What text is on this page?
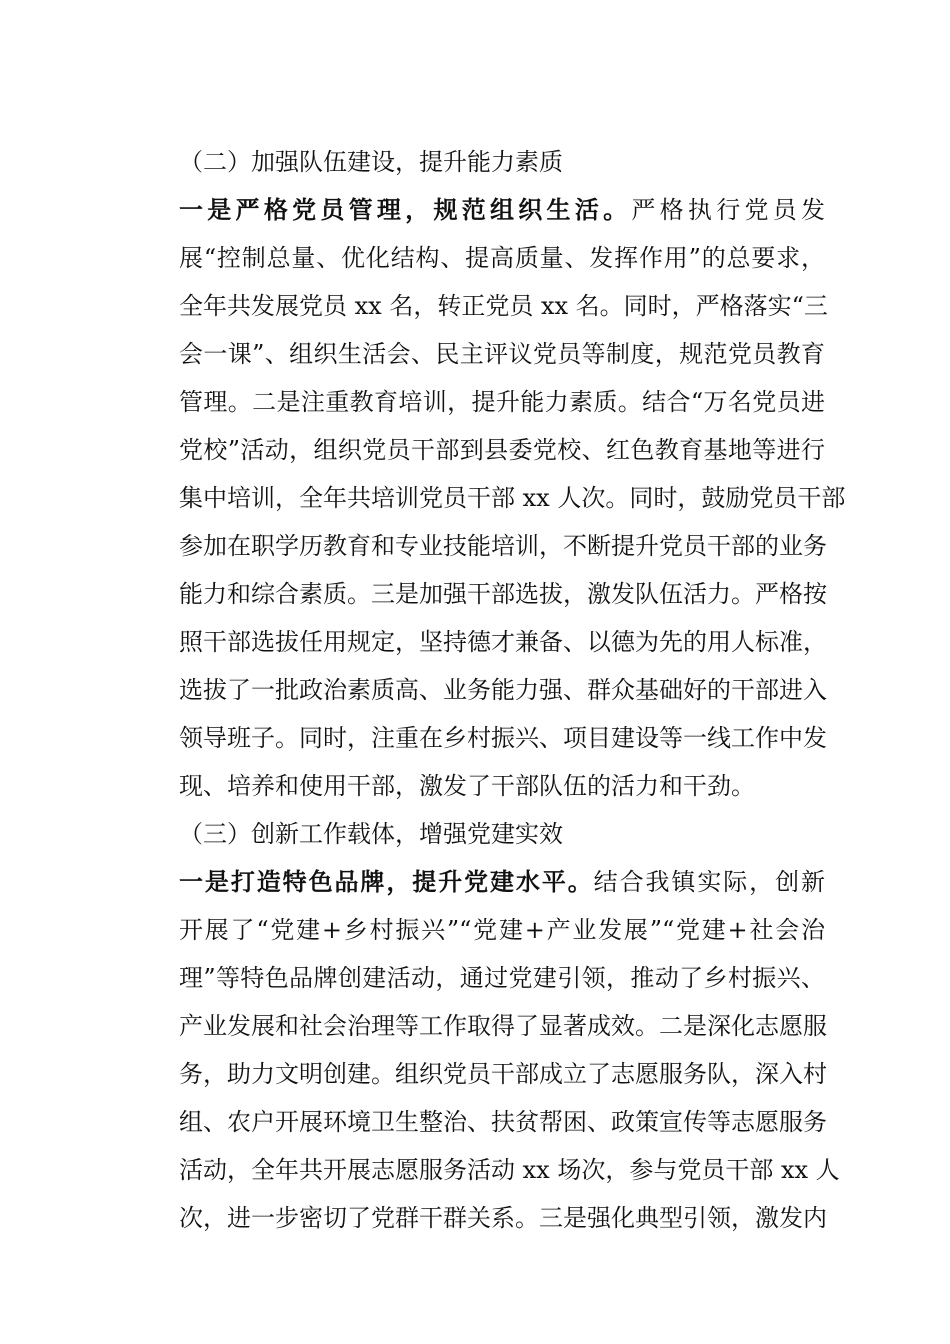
（二）加强队伍建设，提升能力素质

一是严格党员管理，规范组织生活。严格执行党员发
展“控制总量、优化结构、提高质量、发挥作用”的总要求，
全年共发展党员 xx 名，转正党员 xx 名。同时，严格落实“三
会一课”、组织生活会、民主评议党员等制度，规范党员教育
管理。二是注重教育培训，提升能力素质。结合“万名党员进
党校”活动，组织党员干部到县委党校、红色教育基地等进行
集中培训，全年共培训党员干部 xx 人次。同时，鼓励党员干部
参加在职学历教育和专业技能培训，不断提升党员干部的业务
能力和综合素质。三是加强干部选拔，激发队伍活力。严格按
照干部选拔任用规定，坚持德才兼备、以德为先的用人标准，
选拔了一批政治素质高、业务能力强、群众基础好的干部进入
领导班子。同时，注重在乡村振兴、项目建设等一线工作中发
现、培养和使用干部，激发了干部队伍的活力和干劲。

（三）创新工作载体，增强党建实效

一是打造特色品牌，提升党建水平。结合我镇实际，创新
开展了“党建+乡村振兴”“党建+产业发展”“党建+社会治
理”等特色品牌创建活动，通过党建引领，推动了乡村振兴、
产业发展和社会治理等工作取得了显著成效。二是深化志愿服
务，助力文明创建。组织党员干部成立了志愿服务队，深入村
组、农户开展环境卫生整治、扶贫帮困、政策宣传等志愿服务
活动，全年共开展志愿服务活动 xx 场次，参与党员干部 xx 人
次，进一步密切了党群干群关系。三是强化典型引领，激发内
